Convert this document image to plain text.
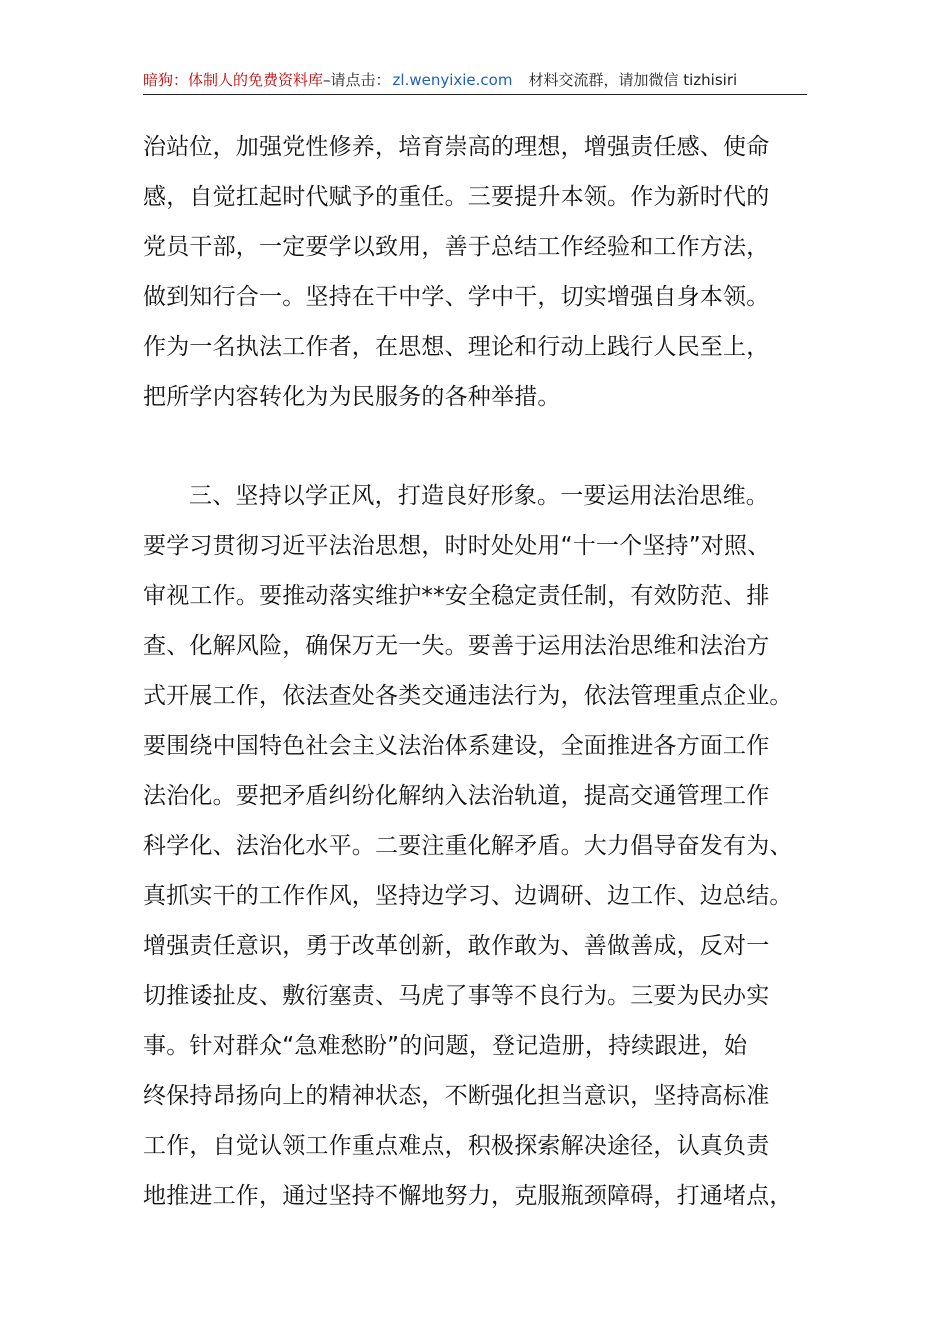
暗狗：体制人的免费资料库–请点击： zl.wenyixie.com 材料交流群，请加微信 tizhisiri
治站位，加强党性修养，培育崇高的理想，增强责任感、使命
感，自觉扛起时代赋予的重任。三要提升本领。作为新时代的
党员干部，一定要学以致用，善于总结工作经验和工作方法，
做到知行合一。坚持在干中学、学中干，切实增强自身本领。
作为一名执法工作者，在思想、理论和行动上践行人民至上，
把所学内容转化为为民服务的各种举措。
三、坚持以学正风，打造良好形象。一要运用法治思维。
要学习贯彻习近平法治思想，时时处处用“十一个坚持”对照、
审视工作。要推动落实维护**安全稳定责任制，有效防范、排
查、化解风险，确保万无一失。要善于运用法治思维和法治方
式开展工作，依法查处各类交通违法行为，依法管理重点企业。
要围绕中国特色社会主义法治体系建设，全面推进各方面工作
法治化。要把矛盾纠纷化解纳入法治轨道，提高交通管理工作
科学化、法治化水平。二要注重化解矛盾。大力倡导奋发有为、
真抓实干的工作作风，坚持边学习、边调研、边工作、边总结。
增强责任意识，勇于改革创新，敢作敢为、善做善成，反对一
切推诿扯皮、敷衍塞责、马虎了事等不良行为。三要为民办实
事。针对群众“急难愁盼”的问题，登记造册，持续跟进，始
终保持昂扬向上的精神状态，不断强化担当意识，坚持高标准
工作，自觉认领工作重点难点，积极探索解决途径，认真负责
地推进工作，通过坚持不懈地努力，克服瓶颈障碍，打通堵点，
